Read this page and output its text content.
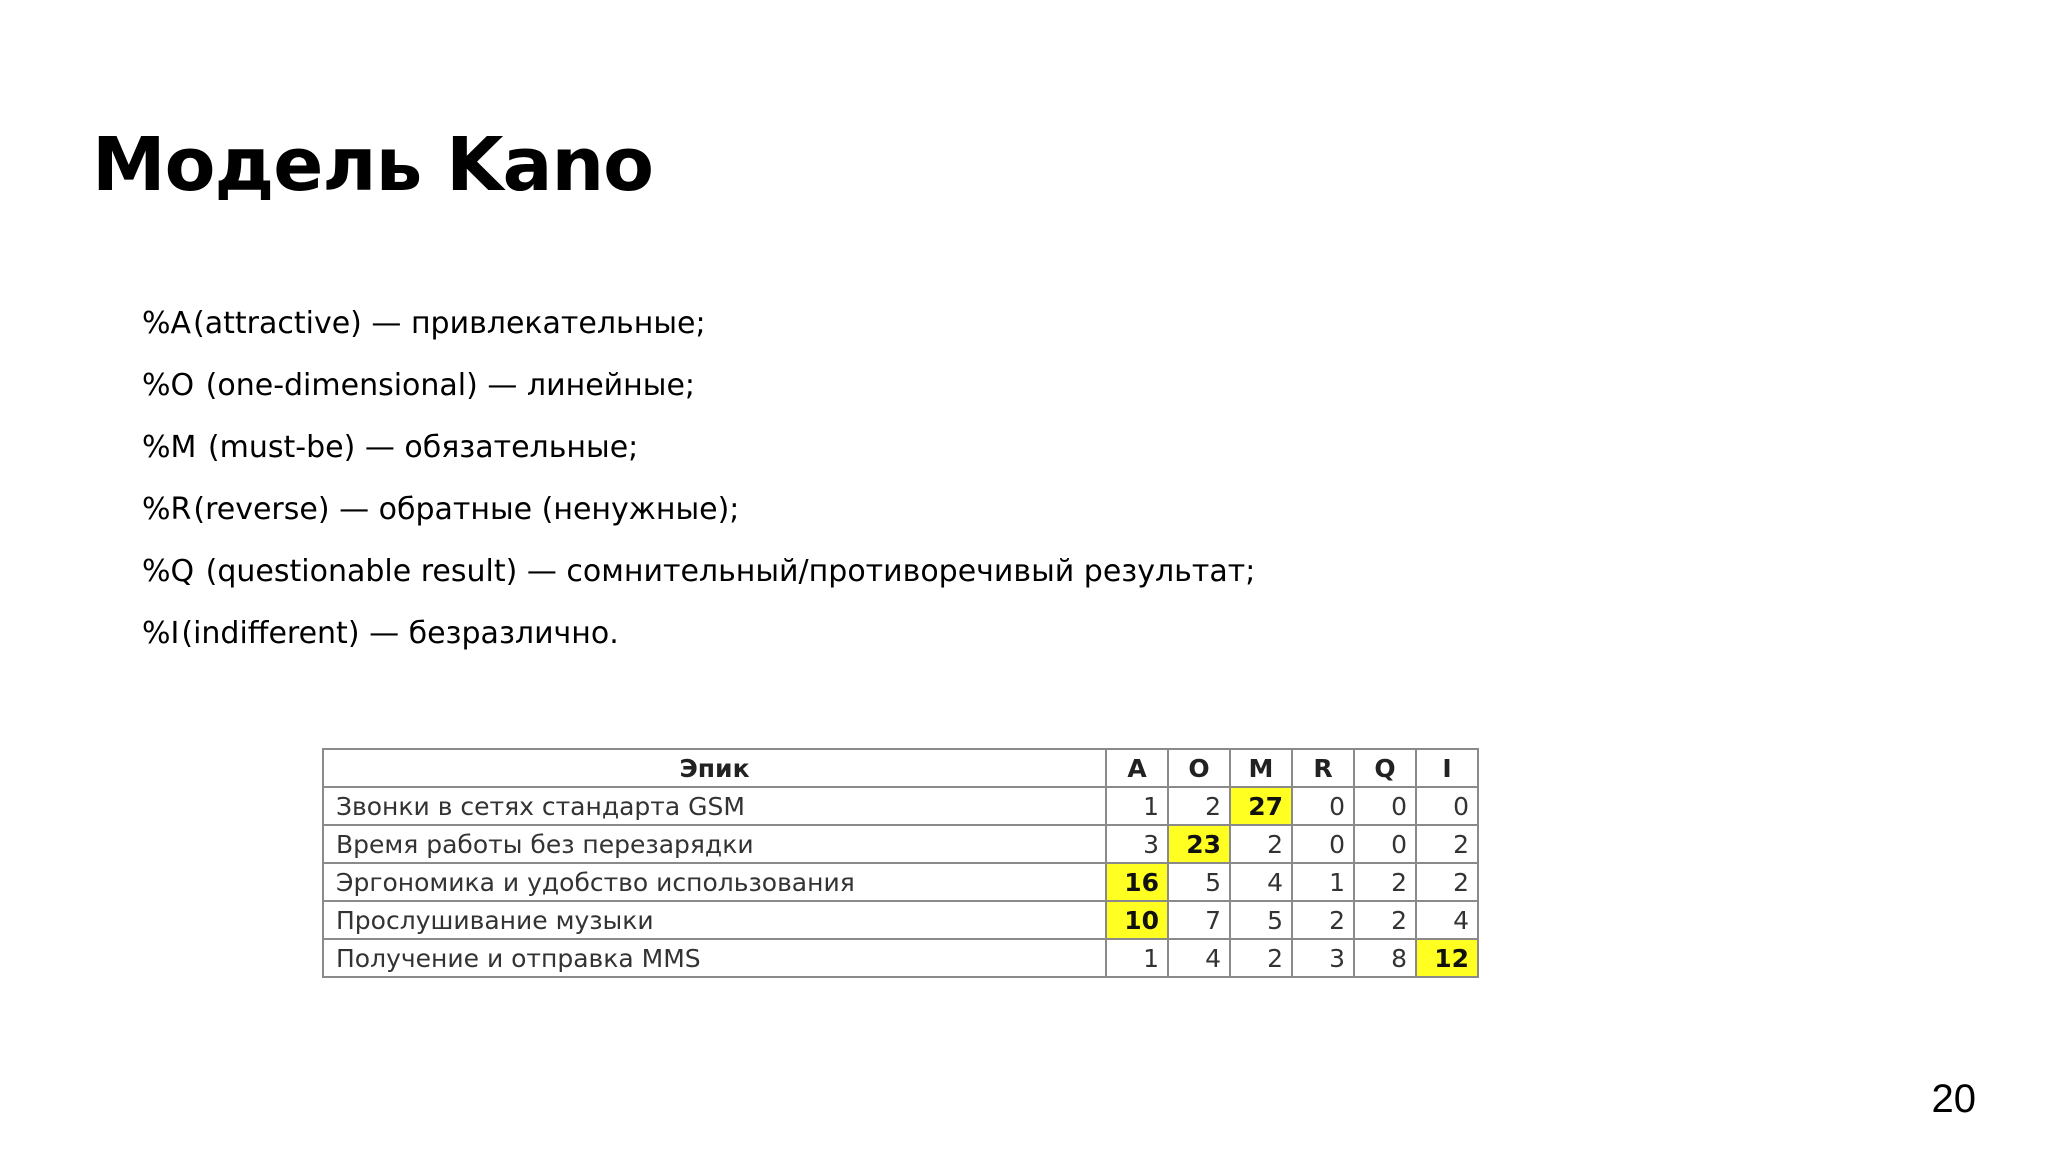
Модель Kano
%A(attractive) — привлекательные;
%O (one-dimensional) — линейные;
%M (must-be) — обязательные;
%R(reverse) — обратные (ненужные);
%Q (questionable result) — сомнительный/противоречивый результат;
%I(indifferent) — безразлично.
Эпик	A	O	M	R	Q	I
Звонки в сетях стандарта GSM	1	2	27	0	0	0
Время работы без перезарядки	3	23	2	0	0	2
Эргономика и удобство использования	16	5	4	1	2	2
Прослушивание музыки	10	7	5	2	2	4
Получение и отправка MMS	1	4	2	3	8	12
20
